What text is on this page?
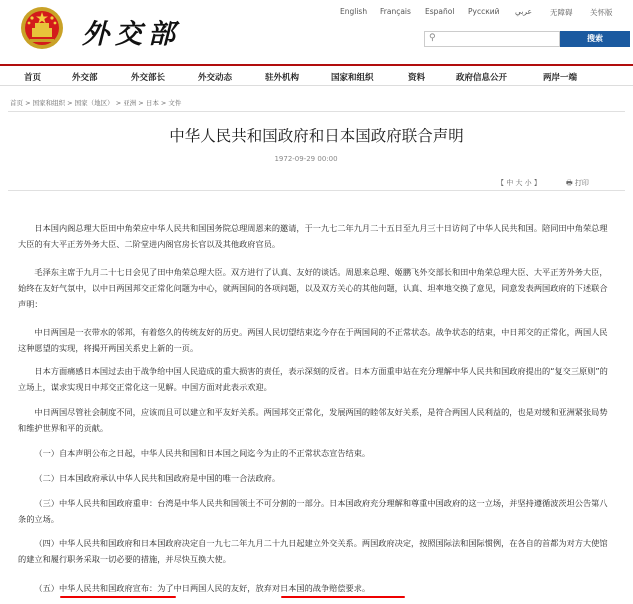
外交部
English Français Español Русский عربي 无障碍 关怀版
⚲	搜索
首页	外交部	外交部长	外交动态	驻外机构	国家和组织	资料	政府信息公开	两岸一端
首页 > 国家和组织 > 国家（地区） > 亚洲 > 日本 > 文件
中华人民共和国政府和日本国政府联合声明
1972-09-29 00:00
【 中 大 小 】	🖶 打印
日本国内阁总理大臣田中角荣应中华人民共和国国务院总理周恩来的邀请，于一九七二年九月二十五日至九月三十日访问了中华人民共和国。陪同田中角荣总理大臣的有大平正芳外务大臣、二阶堂进内阁官房长官以及其他政府官员。
毛泽东主席于九月二十七日会见了田中角荣总理大臣。双方进行了认真、友好的谈话。周恩来总理、姬鹏飞外交部长和田中角荣总理大臣、大平正芳外务大臣，始终在友好气氛中，以中日两国邦交正常化问题为中心，就两国间的各项问题，以及双方关心的其他问题，认真、坦率地交换了意见，同意发表两国政府的下述联合声明：
中日两国是一衣带水的邻邦，有着悠久的传统友好的历史。两国人民切望结束迄今存在于两国间的不正常状态。战争状态的结束，中日邦交的正常化，两国人民这种愿望的实现，将揭开两国关系史上新的一页。
日本方面痛感日本国过去由于战争给中国人民造成的重大损害的责任，表示深刻的反省。日本方面重申站在充分理解中华人民共和国政府提出的“复交三原则”的立场上，谋求实现日中邦交正常化这一见解。中国方面对此表示欢迎。
中日两国尽管社会制度不同，应该而且可以建立和平友好关系。两国邦交正常化，发展两国的睦邻友好关系，是符合两国人民利益的，也是对缓和亚洲紧张局势和维护世界和平的贡献。
（一）自本声明公布之日起，中华人民共和国和日本国之间迄今为止的不正常状态宣告结束。
（二）日本国政府承认中华人民共和国政府是中国的唯一合法政府。
（三）中华人民共和国政府重申：台湾是中华人民共和国领土不可分割的一部分。日本国政府充分理解和尊重中国政府的这一立场，并坚持遵循波茨坦公告第八条的立场。
（四）中华人民共和国政府和日本国政府决定自一九七二年九月二十九日起建立外交关系。两国政府决定，按照国际法和国际惯例，在各自的首都为对方大使馆的建立和履行职务采取一切必要的措施，并尽快互换大使。
（五）中华人民共和国政府宣布：为了中日两国人民的友好，放弃对日本国的战争赔偿要求。
